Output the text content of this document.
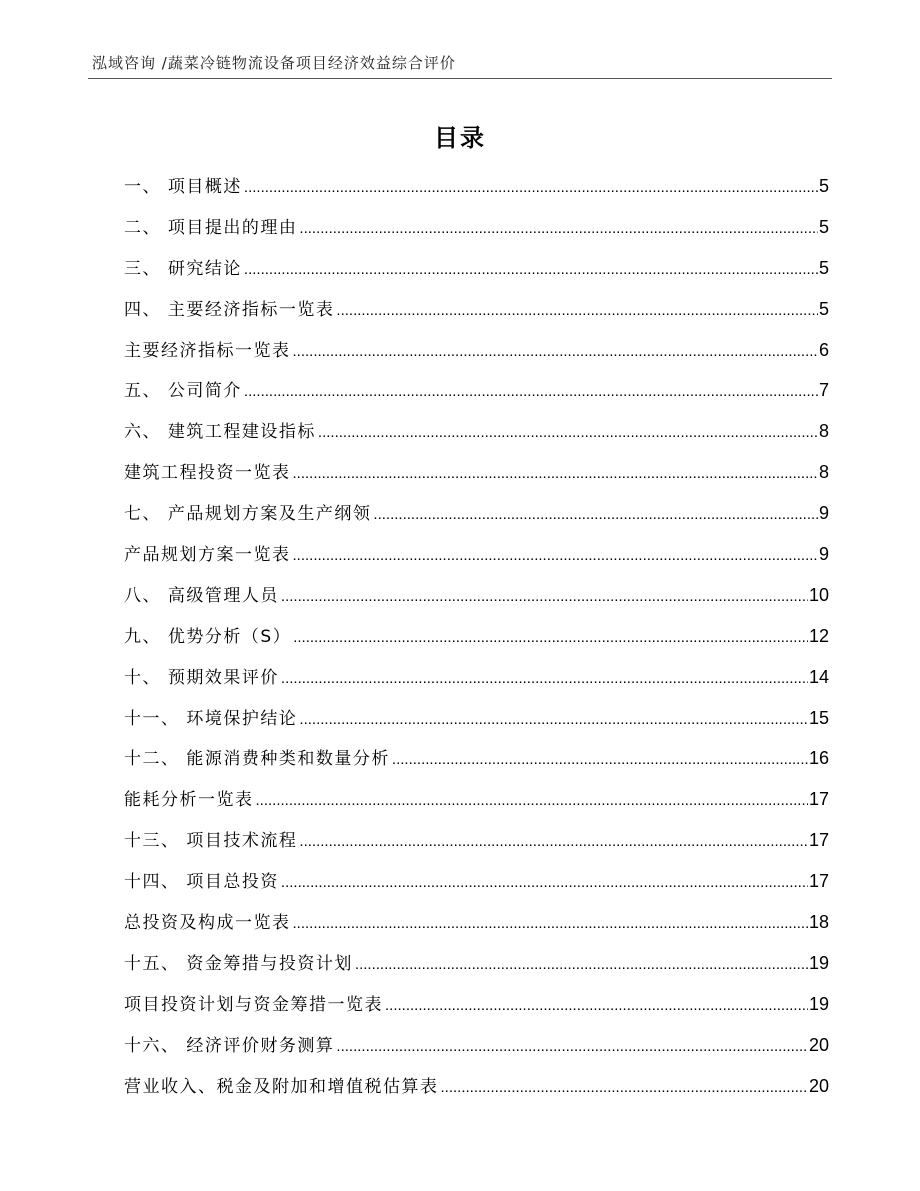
泓域咨询 /蔬菜冷链物流设备项目经济效益综合评价
目录
一、 项目概述 .....	5
二、 项目提出的理由 .....	5
三、 研究结论 .....	5
四、 主要经济指标一览表 .....	5
主要经济指标一览表 .....	6
五、 公司简介 .....	7
六、 建筑工程建设指标 .....	8
建筑工程投资一览表 .....	8
七、 产品规划方案及生产纲领 .....	9
产品规划方案一览表 .....	9
八、 高级管理人员 .....	10
九、 优势分析（S） .....	12
十、 预期效果评价 .....	14
十一、 环境保护结论 .....	15
十二、 能源消费种类和数量分析 .....	16
能耗分析一览表 .....	17
十三、 项目技术流程 .....	17
十四、 项目总投资 .....	17
总投资及构成一览表 .....	18
十五、 资金筹措与投资计划 .....	19
项目投资计划与资金筹措一览表 .....	19
十六、 经济评价财务测算 .....	20
营业收入、税金及附加和增值税估算表 .....	20
